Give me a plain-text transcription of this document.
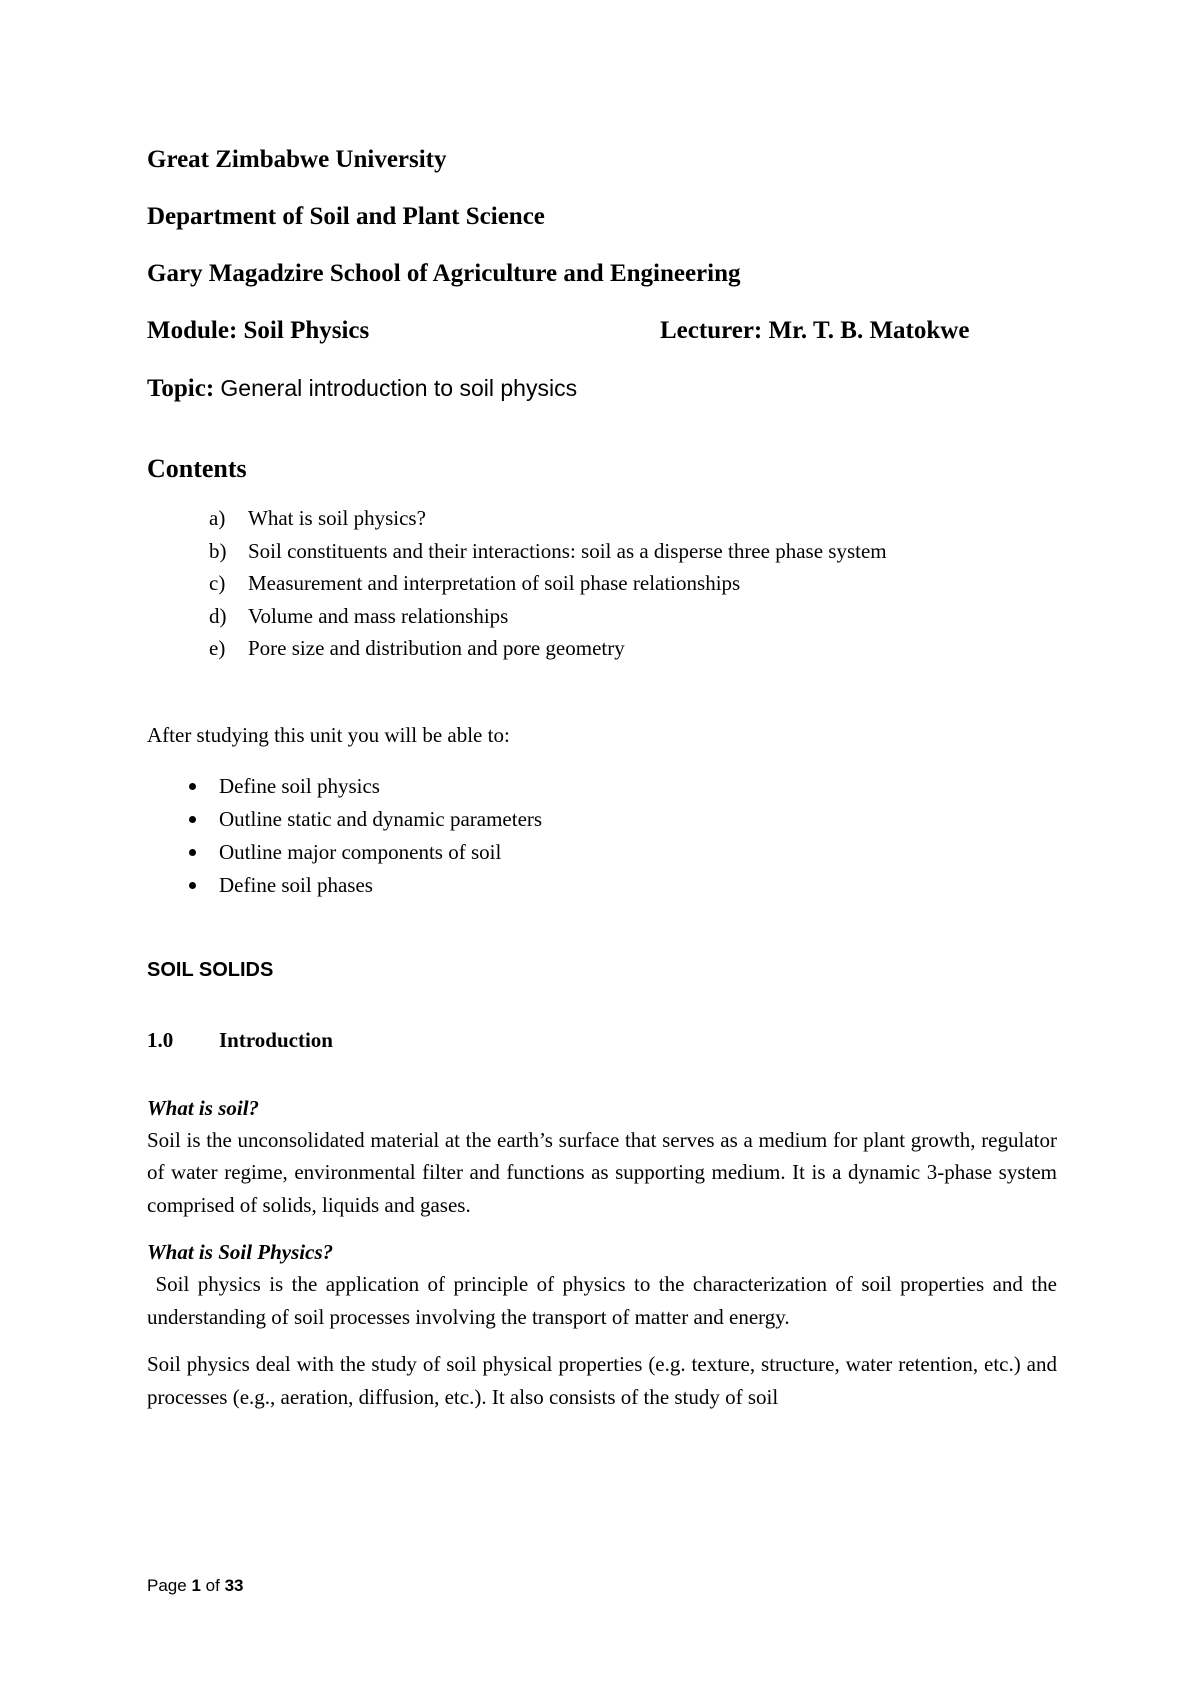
Great Zimbabwe University
Department of Soil and Plant Science
Gary Magadzire School of Agriculture and Engineering
Module: Soil Physics	Lecturer: Mr. T. B. Matokwe
Topic: General introduction to soil physics
Contents
a)	What is soil physics?
b)	Soil constituents and their interactions: soil as a disperse three phase system
c)	Measurement and interpretation of soil phase relationships
d)	Volume and mass relationships
e)	Pore size and distribution and pore geometry
After studying this unit you will be able to:
Define soil physics
Outline static and dynamic parameters
Outline major components of soil
Define soil phases
SOIL SOLIDS
1.0	Introduction

What is soil?

Soil is the unconsolidated material at the earth’s surface that serves as a medium for plant growth, regulator of water regime, environmental filter and functions as supporting medium. It is a dynamic 3-phase system comprised of solids, liquids and gases.

What is Soil Physics?

Soil physics is the application of principle of physics to the characterization of soil properties and the understanding of soil processes involving the transport of matter and energy.

Soil physics deal with the study of soil physical properties (e.g. texture, structure, water retention, etc.) and processes (e.g., aeration, diffusion, etc.). It also consists of the study of soil

Page 1 of 33
